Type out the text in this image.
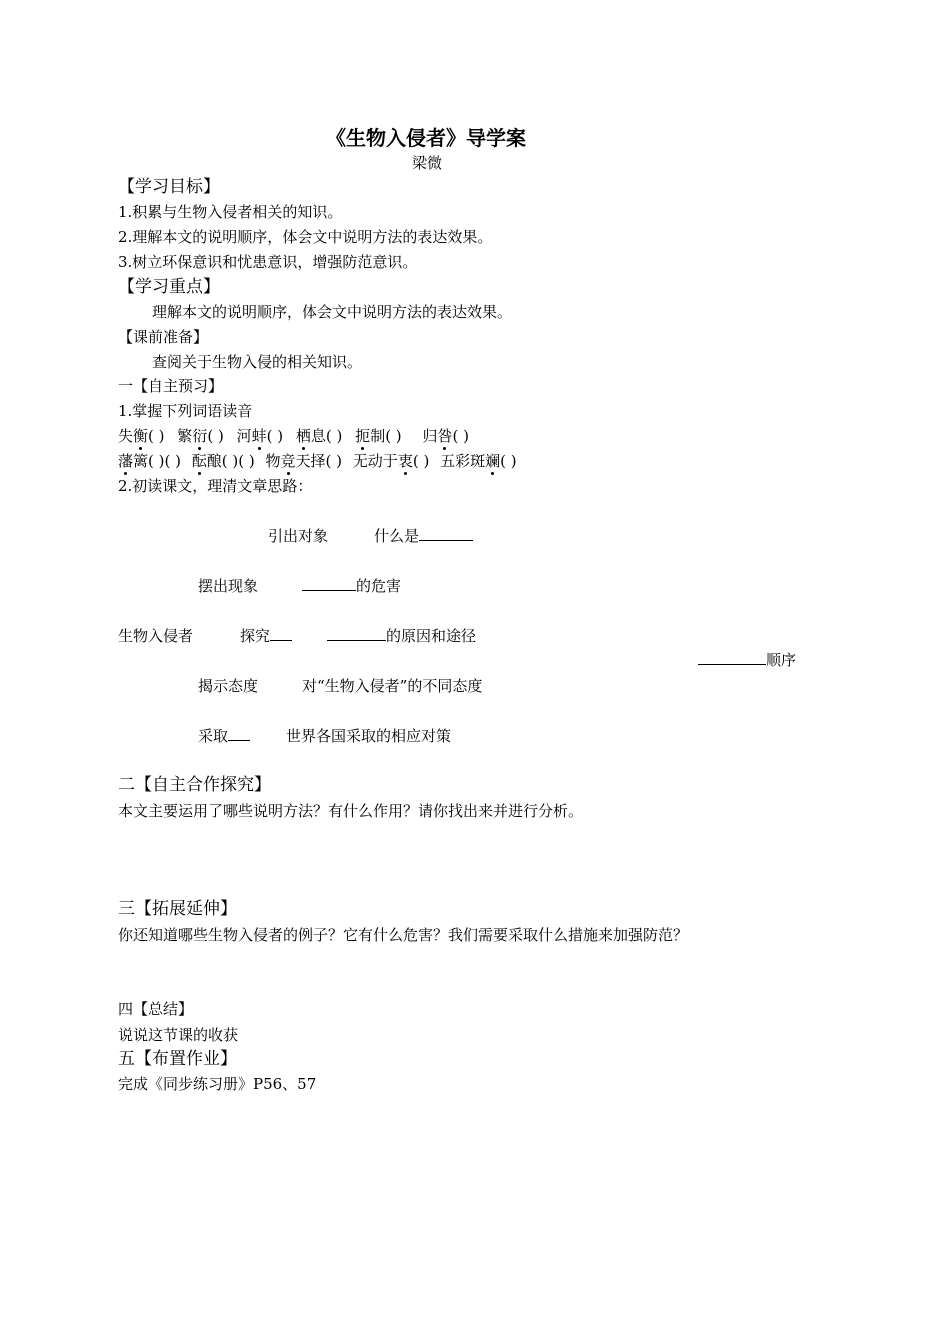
《生物入侵者》导学案
梁微
【学习目标】
1.积累与生物入侵者相关的知识。
2.理解本文的说明顺序，体会文中说明方法的表达效果。
3.树立环保意识和忧患意识，增强防范意识。
【学习重点】
理解本文的说明顺序，体会文中说明方法的表达效果。
【课前准备】
查阅关于生物入侵的相关知识。
一【自主预习】
1.掌握下列词语读音
失衡( ) 繁衍( ) 河蚌( ) 栖息( ) 扼制( ) 归咎( )
藩篱( )( ) 酝酿( )( ) 物竞天择( ) 无动于衷( ) 五彩斑斓( )
2.初读课文，理清文章思路：
引出对象	什么是
摆出现象	的危害
生物入侵者	探究	的原因和途径
顺序
揭示态度	对“生物入侵者”的不同态度
采取	世界各国采取的相应对策
二【自主合作探究】
本文主要运用了哪些说明方法？有什么作用？请你找出来并进行分析。
三【拓展延伸】
你还知道哪些生物入侵者的例子？它有什么危害？我们需要采取什么措施来加强防范？
四【总结】
说说这节课的收获
五【布置作业】
完成《同步练习册》P56、57
